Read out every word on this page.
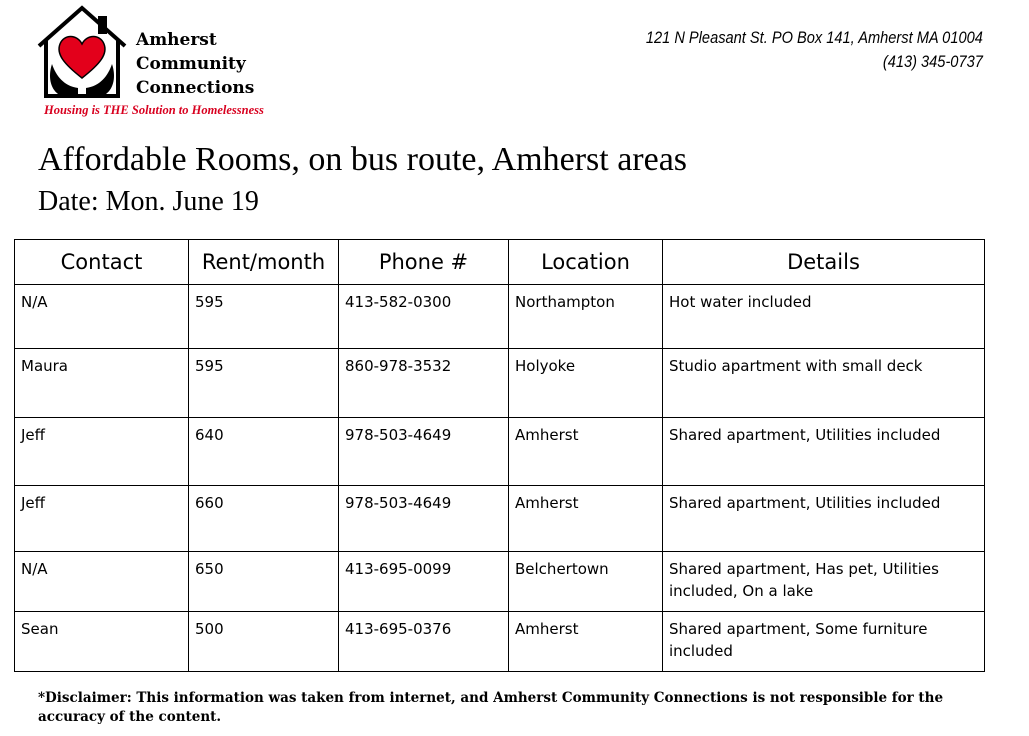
Amherst
Community
Connections
Housing is THE Solution to Homelessness
121 N Pleasant St. PO Box 141, Amherst MA 01004
(413) 345-0737
Affordable Rooms, on bus route, Amherst areas
Date: Mon. June 19
Contact	Rent/month	Phone #	Location	Details
N/A	595	413-582-0300	Northampton	Hot water included
Maura	595	860-978-3532	Holyoke	Studio apartment with small deck
Jeff	640	978-503-4649	Amherst	Shared apartment, Utilities included
Jeff	660	978-503-4649	Amherst	Shared apartment, Utilities included
N/A	650	413-695-0099	Belchertown	Shared apartment, Has pet, Utilities included, On a lake
Sean	500	413-695-0376	Amherst	Shared apartment, Some furniture included
*Disclaimer: This information was taken from internet, and Amherst Community Connections is not responsible for the accuracy of the content.
